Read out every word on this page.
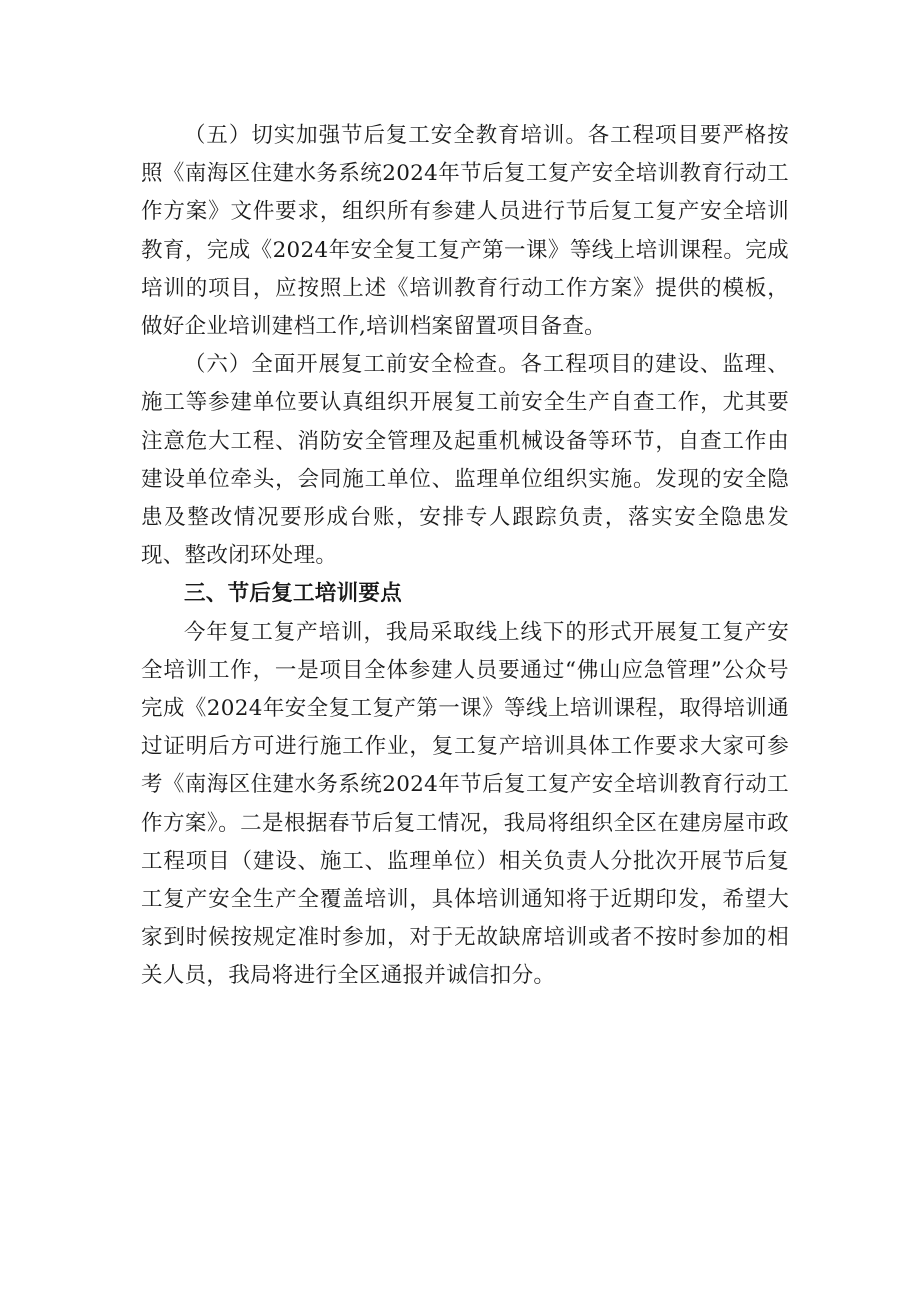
（五）切实加强节后复工安全教育培训。各工程项目要严格按照《南海区住建水务系统2024年节后复工复产安全培训教育行动工作方案》文件要求，组织所有参建人员进行节后复工复产安全培训教育，完成《2024年安全复工复产第一课》等线上培训课程。完成培训的项目，应按照上述《培训教育行动工作方案》提供的模板，做好企业培训建档工作,培训档案留置项目备查。

（六）全面开展复工前安全检查。各工程项目的建设、监理、施工等参建单位要认真组织开展复工前安全生产自查工作，尤其要注意危大工程、消防安全管理及起重机械设备等环节，自查工作由建设单位牵头，会同施工单位、监理单位组织实施。发现的安全隐患及整改情况要形成台账，安排专人跟踪负责，落实安全隐患发现、整改闭环处理。

三、节后复工培训要点

今年复工复产培训，我局采取线上线下的形式开展复工复产安全培训工作，一是项目全体参建人员要通过“佛山应急管理”公众号完成《2024年安全复工复产第一课》等线上培训课程，取得培训通过证明后方可进行施工作业，复工复产培训具体工作要求大家可参考《南海区住建水务系统2024年节后复工复产安全培训教育行动工作方案》。二是根据春节后复工情况，我局将组织全区在建房屋市政工程项目（建设、施工、监理单位）相关负责人分批次开展节后复工复产安全生产全覆盖培训，具体培训通知将于近期印发，希望大家到时候按规定准时参加，对于无故缺席培训或者不按时参加的相关人员，我局将进行全区通报并诚信扣分。
